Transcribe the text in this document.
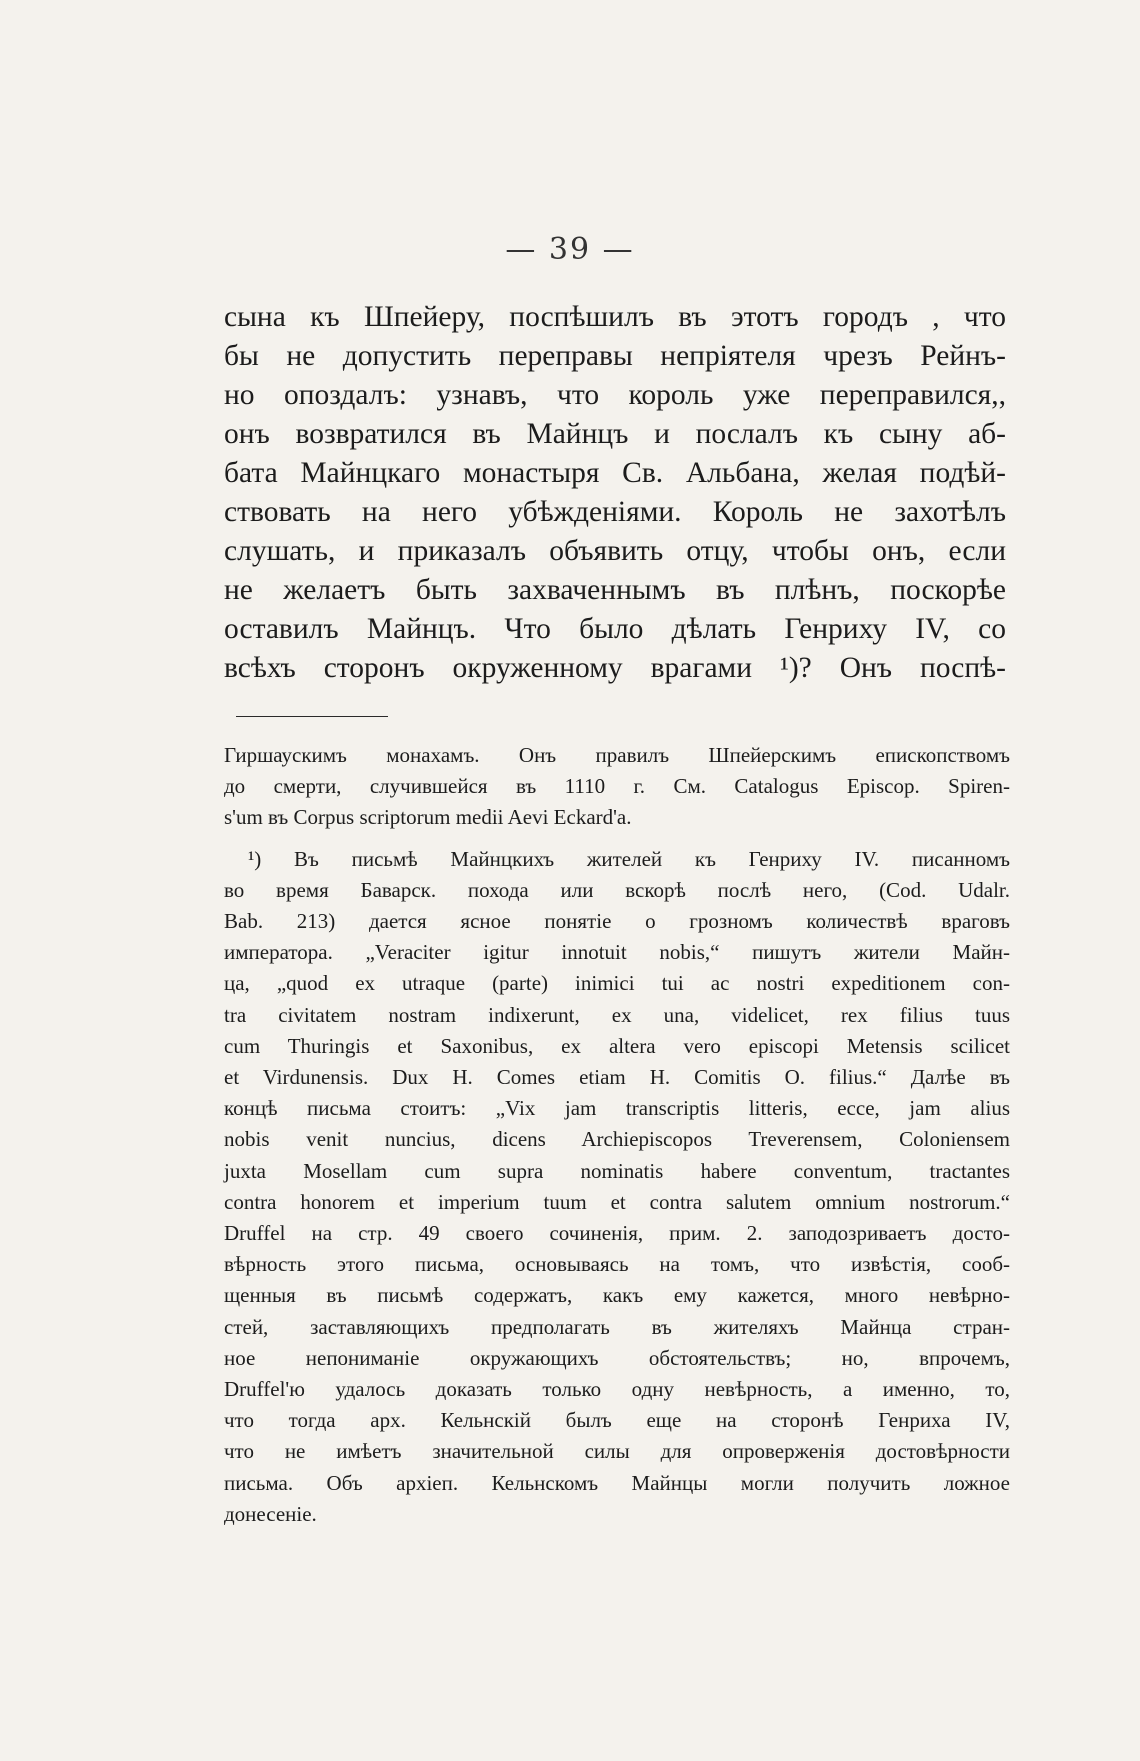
— 39 —
сына къ Шпейеру, поспѣшилъ въ этотъ городъ , что
бы не допустить переправы непріятеля чрезъ Рейнъ-
но опоздалъ: узнавъ, что король уже переправился,,
онъ возвратился въ Майнцъ и послалъ къ сыну аб-
бата Майнцкаго монастыря Св. Альбана, желая подѣй-
ствовать на него убѣжденіями. Король не захотѣлъ
слушать, и приказалъ объявить отцу, чтобы онъ, если
не желаетъ быть захваченнымъ въ плѣнъ, поскорѣе
оставилъ Майнцъ. Что было дѣлать Генриху IV, со
всѣхъ сторонъ окруженному врагами ¹)? Онъ поспѣ-
Гиршаускимъ монахамъ. Онъ правилъ Шпейерскимъ епископствомъ
до смерти, случившейся въ 1110 г. См. Catalogus Episcop. Spiren-
s'um въ Corpus scriptorum medii Aevi Eckard'a.
¹) Въ письмѣ Майнцкихъ жителей къ Генриху IV. писанномъ
во время Баварск. похода или вскорѣ послѣ него, (Cod. Udalr.
Bab. 213) дается ясное понятіе о грозномъ количествѣ враговъ
императора. „Veraciter igitur innotuit nobis,“ пишутъ жители Майн-
ца, „quod ex utraque (parte) inimici tui ac nostri expeditionem con-
tra civitatem nostram indixerunt, ex una, videlicet, rex filius tuus
cum Thuringis et Saxonibus, ex altera vero episcopi Metensis scilicet
et Virdunensis. Dux H. Comes etiam H. Comitis O. filius.“ Далѣе въ
концѣ письма стоитъ: „Vix jam transcriptis litteris, ecce, jam alius
nobis venit nuncius, dicens Archiepiscopos Treverensem, Coloniensem
juxta Mosellam cum supra nominatis habere conventum, tractantes
contra honorem et imperium tuum et contra salutem omnium nostrorum.“
Druffel на стр. 49 своего сочиненія, прим. 2. заподозриваетъ досто-
вѣрность этого письма, основываясь на томъ, что извѣстія, сооб-
щенныя въ письмѣ содержатъ, какъ ему кажется, много невѣрно-
стей, заставляющихъ предполагать въ жителяхъ Майнца стран-
ное непониманіе окружающихъ обстоятельствъ; но, впрочемъ,
Druffel'ю удалось доказать только одну невѣрность, а именно, то,
что тогда арх. Кельнскій былъ еще на сторонѣ Генриха IV,
что не имѣетъ значительной силы для опроверженія достовѣрности
письма. Объ архіеп. Кельнскомъ Майнцы могли получить ложное
донесеніе.
